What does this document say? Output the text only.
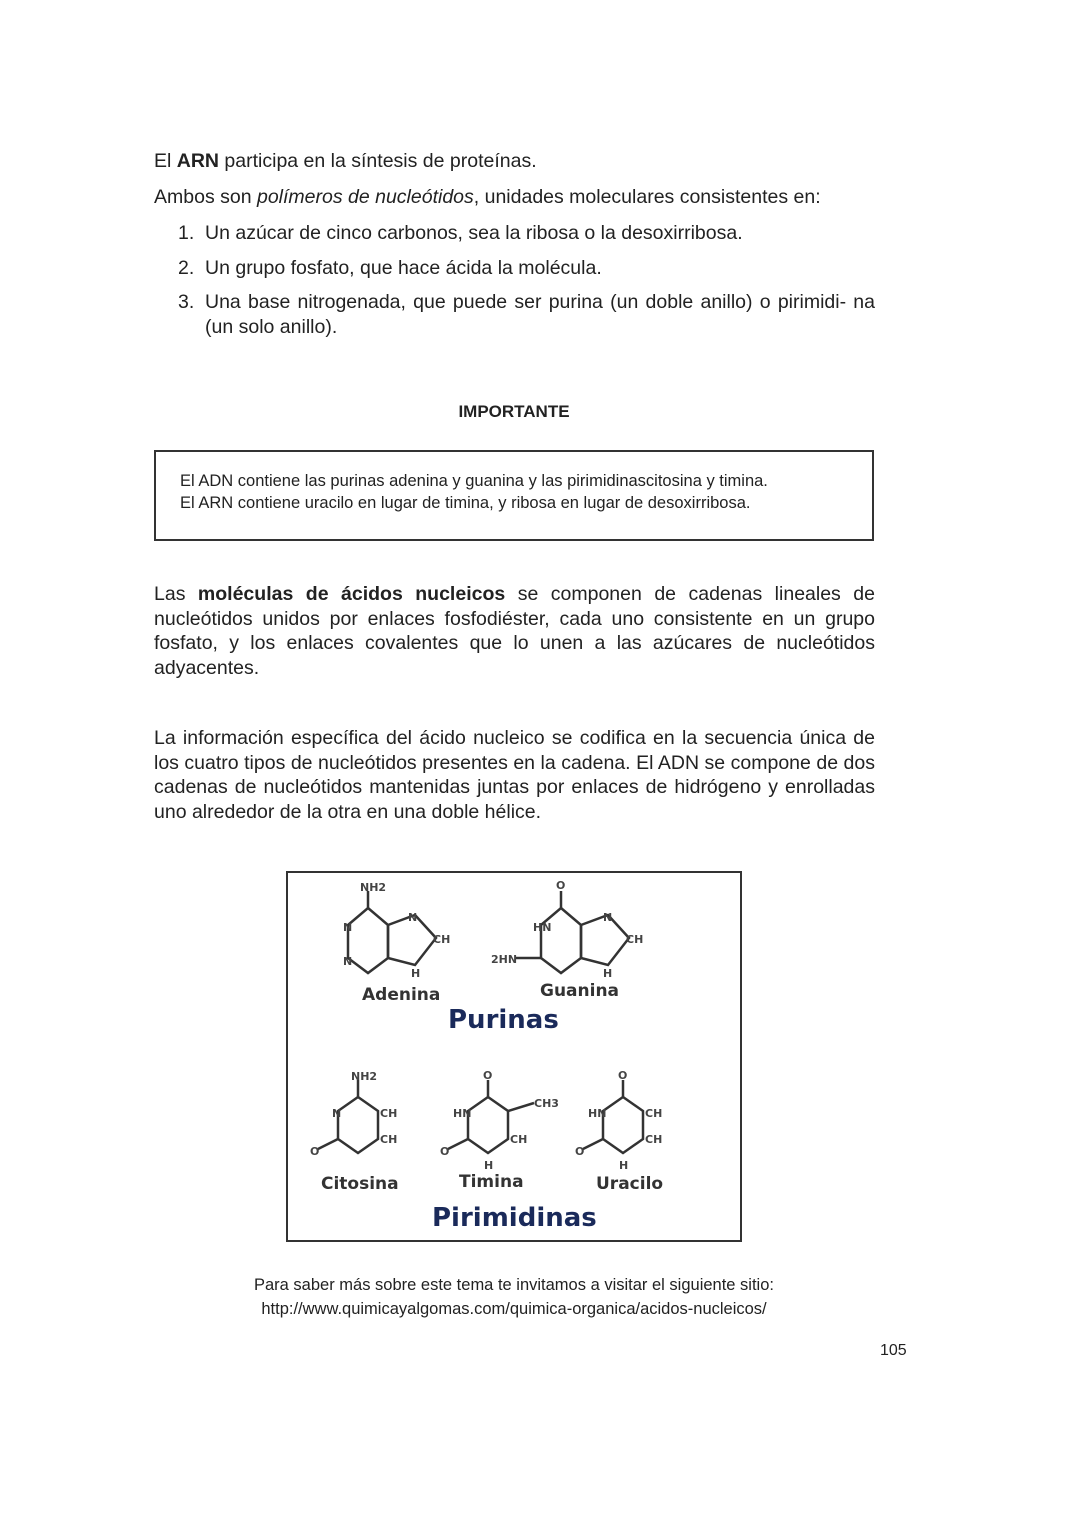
El ARN participa en la síntesis de proteínas.

Ambos son polímeros de nucleótidos, unidades moleculares consistentes en:

1. Un azúcar de cinco carbonos, sea la ribosa o la desoxirribosa.
2. Un grupo fosfato, que hace ácida la molécula.
3. Una base nitrogenada, que puede ser purina (un doble anillo) o pirimidi- na (un solo anillo).

IMPORTANTE

El ADN contiene las purinas adenina y guanina y las pirimidinascitosina y timina.

El ARN contiene uracilo en lugar de timina, y ribosa en lugar de desoxirribosa.

Las moléculas de ácidos nucleicos se componen de cadenas lineales de nucleótidos unidos por enlaces fosfodiéster, cada uno consistente en un grupo fosfato, y los enlaces covalentes que lo unen a las azúcares de nucleótidos adyacentes.

La información específica del ácido nucleico se codifica en la secuencia única de los cuatro tipos de nucleótidos presentes en la cadena. El ADN se compone de dos cadenas de nucleótidos mantenidas juntas por enlaces de hidrógeno y enrolladas uno alrededor de la otra en una doble hélice.

NH2
N
N
N
CH
H
O
HN
2HN
N
CH
H
NH2
N	CH
CH
O
O
HN
CH
CH3
O
H
O
HN	CH
CH
O
H
Adenina	Guanina
Citosina	Timina	Uracilo
Purinas
Pirimidinas

Para saber más sobre este tema te invitamos a visitar el siguiente sitio:

http://www.quimicayalgomas.com/quimica-organica/acidos-nucleicos/

105
